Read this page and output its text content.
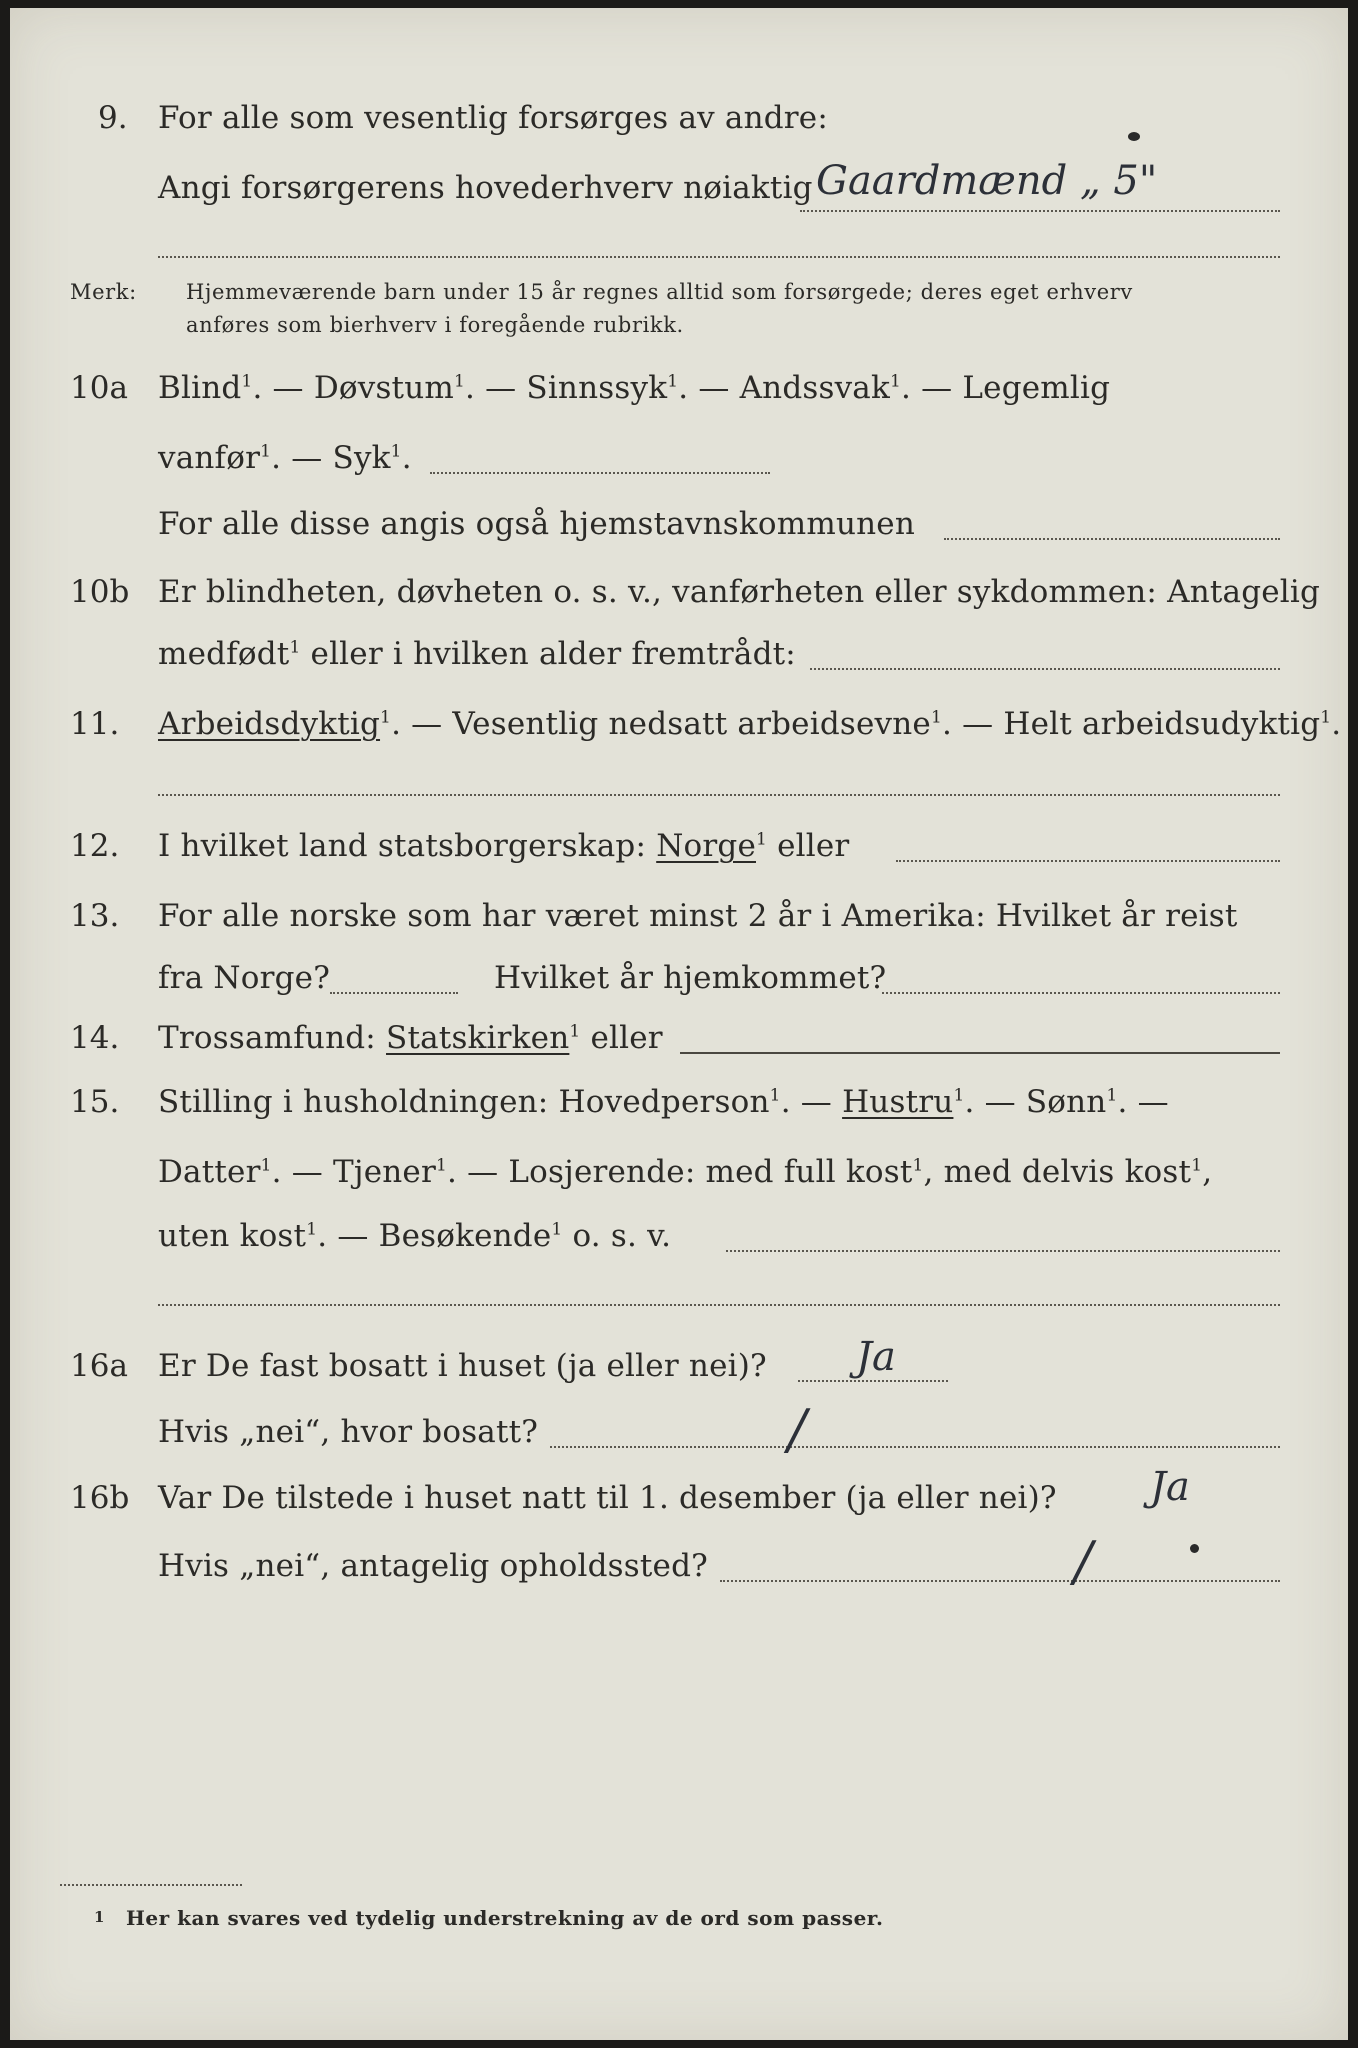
9. For alle som vesentlig forsørges av andre:
Angi forsørgerens hovederhverv nøiaktig Gaardmænd „ 5"
Merk: Hjemmeværende barn under 15 år regnes alltid som forsørgede; deres eget erhverv
anføres som bierhverv i foregående rubrikk.
10a Blind$^1$. — Døvstum$^1$. — Sinnssyk$^1$. — Andssvak$^1$. — Legemlig
vanfør$^1$. — Syk$^1$.
For alle disse angis også hjemstavnskommunen
10b Er blindheten, døvheten o. s. v., vanførheten eller sykdommen: Antagelig
medfødt$^1$ eller i hvilken alder fremtrådt:
11. Arbeidsdyktig$^1$. — Vesentlig nedsatt arbeidsevne$^1$. — Helt arbeidsudyktig$^1$.
12. I hvilket land statsborgerskap: Norge$^1$ eller
13. For alle norske som har været minst 2 år i Amerika: Hvilket år reist
fra Norge?	Hvilket år hjemkommet?
14. Trossamfund: Statskirken$^1$ eller
15. Stilling i husholdningen: Hovedperson$^1$. — Hustru$^1$. — Sønn$^1$. —
Datter$^1$. — Tjener$^1$. — Losjerende: med full kost$^1$, med delvis kost$^1$,
uten kost$^1$. — Besøkende$^1$ o. s. v.
16a Er De fast bosatt i huset (ja eller nei)? Ja
Hvis „nei“, hvor bosatt?	/
16b Var De tilstede i huset natt til 1. desember (ja eller nei)? Ja
Hvis „nei“, antagelig opholdssted?	/
1 Her kan svares ved tydelig understrekning av de ord som passer.
